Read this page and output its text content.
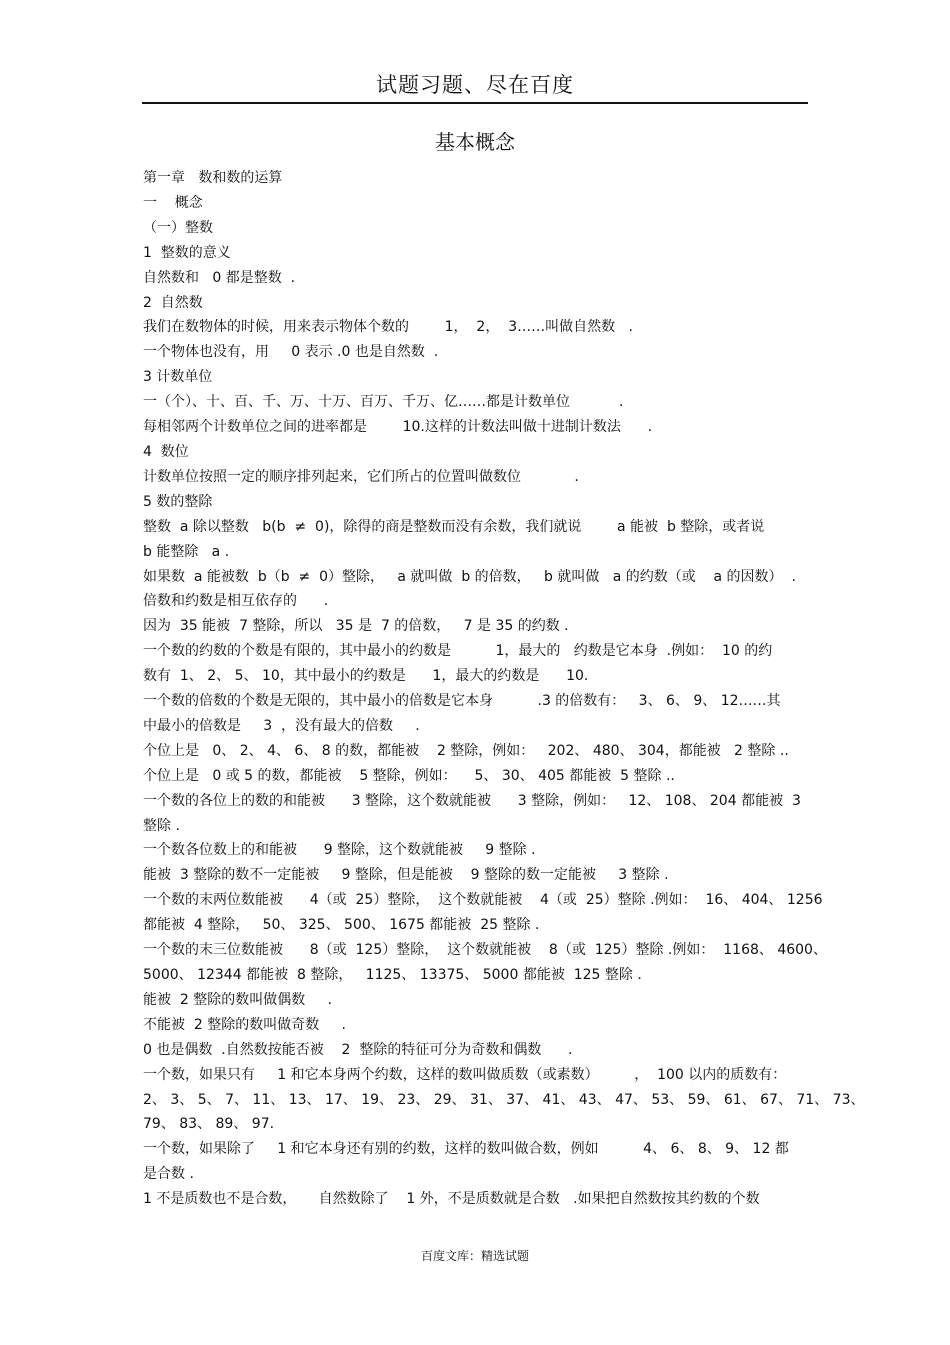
试题习题、尽在百度
基本概念

第一章   数和数的运算

一    概念

（一）整数

1  整数的意义

自然数和   0 都是整数  .

2  自然数

我们在数物体的时候，用来表示物体个数的        1，  2，  3……叫做自然数   .

一个物体也没有，用     0 表示 .0 也是自然数  .

3 计数单位

一（个）、十、百、千、万、十万、百万、千万、亿……都是计数单位           .

每相邻两个计数单位之间的进率都是        10.这样的计数法叫做十进制计数法      .

4  数位

计数单位按照一定的顺序排列起来，它们所占的位置叫做数位            .

5 数的整除

整数  a 除以整数   b(b  ≠  0)，除得的商是整数而没有余数，我们就说        a 能被  b 整除，或者说

b 能整除   a .

如果数  a 能被数  b（b  ≠  0）整除，   a 就叫做  b 的倍数，   b 就叫做   a 的约数（或    a 的因数）  .

倍数和约数是相互依存的      .

因为  35 能被  7 整除，所以   35 是  7 的倍数，   7 是 35 的约数 .

一个数的约数的个数是有限的，其中最小的约数是          1，最大的   约数是它本身  .例如：  10 的约

数有  1、 2、 5、 10，其中最小的约数是      1，最大的约数是      10.

一个数的倍数的个数是无限的，其中最小的倍数是它本身          .3 的倍数有：   3、 6、 9、 12……其

中最小的倍数是     3  ，没有最大的倍数     .

个位上是   0、 2、 4、 6、 8 的数，都能被    2 整除，例如：   202、 480、 304，都能被   2 整除 ..

个位上是   0 或 5 的数，都能被    5 整除，例如：    5、 30、 405 都能被  5 整除 ..

一个数的各位上的数的和能被      3 整除，这个数就能被      3 整除，例如：   12、 108、 204 都能被  3

整除 .

一个数各位数上的和能被      9 整除，这个数就能被     9 整除 .

能被  3 整除的数不一定能被     9 整除，但是能被    9 整除的数一定能被     3 整除 .

一个数的末两位数能被      4（或  25）整除，  这个数就能被    4（或  25）整除 .例如：  16、 404、 1256

都能被  4 整除，   50、 325、 500、 1675 都能被  25 整除 .

一个数的末三位数能被      8（或  125）整除，  这个数就能被    8（或  125）整除 .例如：  1168、 4600、

5000、 12344 都能被  8 整除，   1125、 13375、 5000 都能被  125 整除 .

能被  2 整除的数叫做偶数     .

不能被  2 整除的数叫做奇数     .

0 也是偶数  .自然数按能否被    2  整除的特征可分为奇数和偶数      .

一个数，如果只有     1 和它本身两个约数，这样的数叫做质数（或素数）        ，  100 以内的质数有：

2、 3、 5、 7、 11、 13、 17、 19、 23、 29、 31、 37、 41、 43、 47、 53、 59、 61、 67、 71、 73、

79、 83、 89、 97.

一个数，如果除了     1 和它本身还有别的约数，这样的数叫做合数，例如          4、 6、 8、 9、 12 都

是合数 .

1 不是质数也不是合数，     自然数除了    1 外，不是质数就是合数   .如果把自然数按其约数的个数

百度文库：精选试题
